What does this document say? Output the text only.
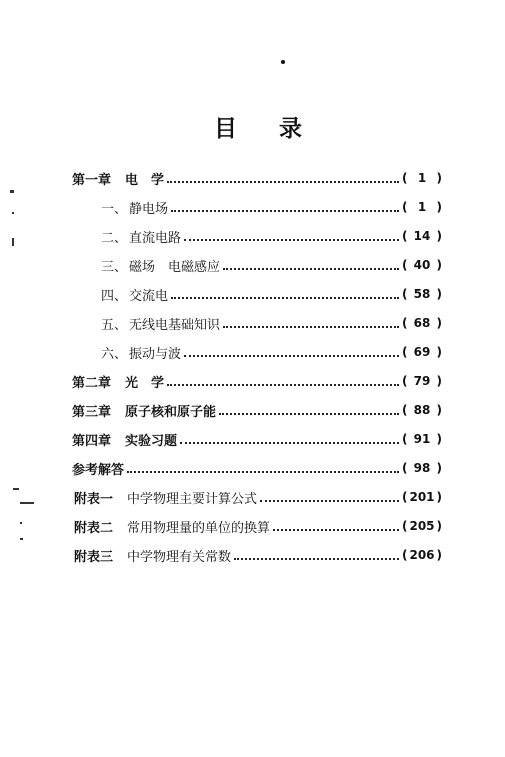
目 录
第一章 电　学	( 1 )
一、 静电场	( 1 )
二、 直流电路	( 14 )
三、 磁场　电磁感应	( 40 )
四、 交流电	( 58 )
五、 无线电基础知识	( 68 )
六、 振动与波	( 69 )
第二章 光　学	( 79 )
第三章 原子核和原子能	( 88 )
第四章 实验习题	( 91 )
参考解答	( 98 )
附表一 中学物理主要计算公式	( 201 )
附表二 常用物理量的单位的换算	( 205 )
附表三 中学物理有关常数	( 206 )
